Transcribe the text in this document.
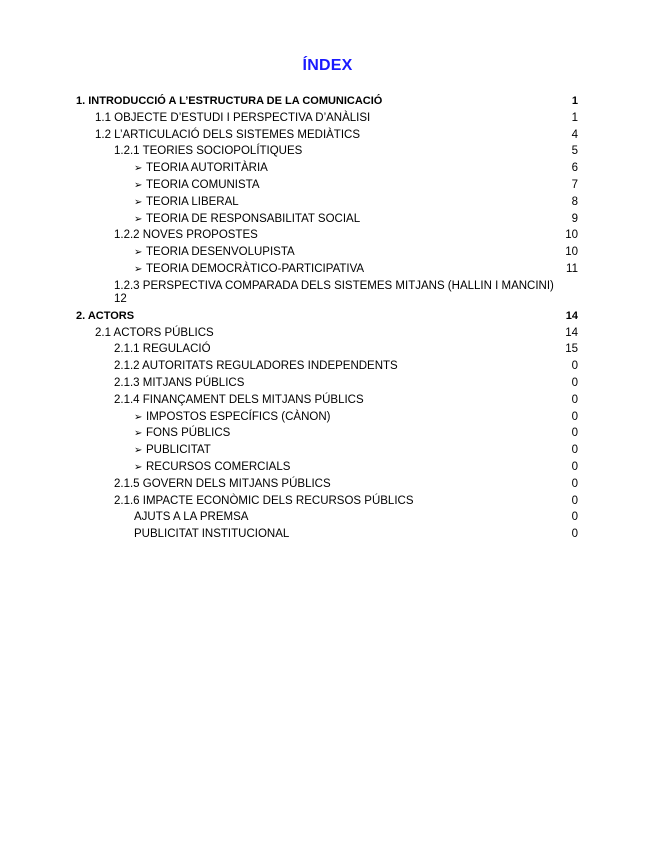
ÍNDEX
1. INTRODUCCIÓ A L’ESTRUCTURA DE LA COMUNICACIÓ	1
1.1 OBJECTE D’ESTUDI I PERSPECTIVA D’ANÀLISI	1
1.2 L’ARTICULACIÓ DELS SISTEMES MEDIÀTICS	4
1.2.1 TEORIES SOCIOPOLÍTIQUES	5
➢ TEORIA AUTORITÀRIA	6
➢ TEORIA COMUNISTA	7
➢ TEORIA LIBERAL	8
➢ TEORIA DE RESPONSABILITAT SOCIAL	9
1.2.2 NOVES PROPOSTES	10
➢ TEORIA DESENVOLUPISTA	10
➢ TEORIA DEMOCRÀTICO-PARTICIPATIVA	11
1.2.3 PERSPECTIVA COMPARADA DELS SISTEMES MITJANS (HALLIN I MANCINI)
12
2. ACTORS	14
2.1 ACTORS PÚBLICS	14
2.1.1 REGULACIÓ	15
2.1.2 AUTORITATS REGULADORES INDEPENDENTS	0
2.1.3 MITJANS PÚBLICS	0
2.1.4 FINANÇAMENT DELS MITJANS PÚBLICS	0
➢ IMPOSTOS ESPECÍFICS (CÀNON)	0
➢ FONS PÚBLICS	0
➢ PUBLICITAT	0
➢ RECURSOS COMERCIALS	0
2.1.5 GOVERN DELS MITJANS PÚBLICS	0
2.1.6 IMPACTE ECONÒMIC DELS RECURSOS PÚBLICS	0
AJUTS A LA PREMSA	0
PUBLICITAT INSTITUCIONAL	0
